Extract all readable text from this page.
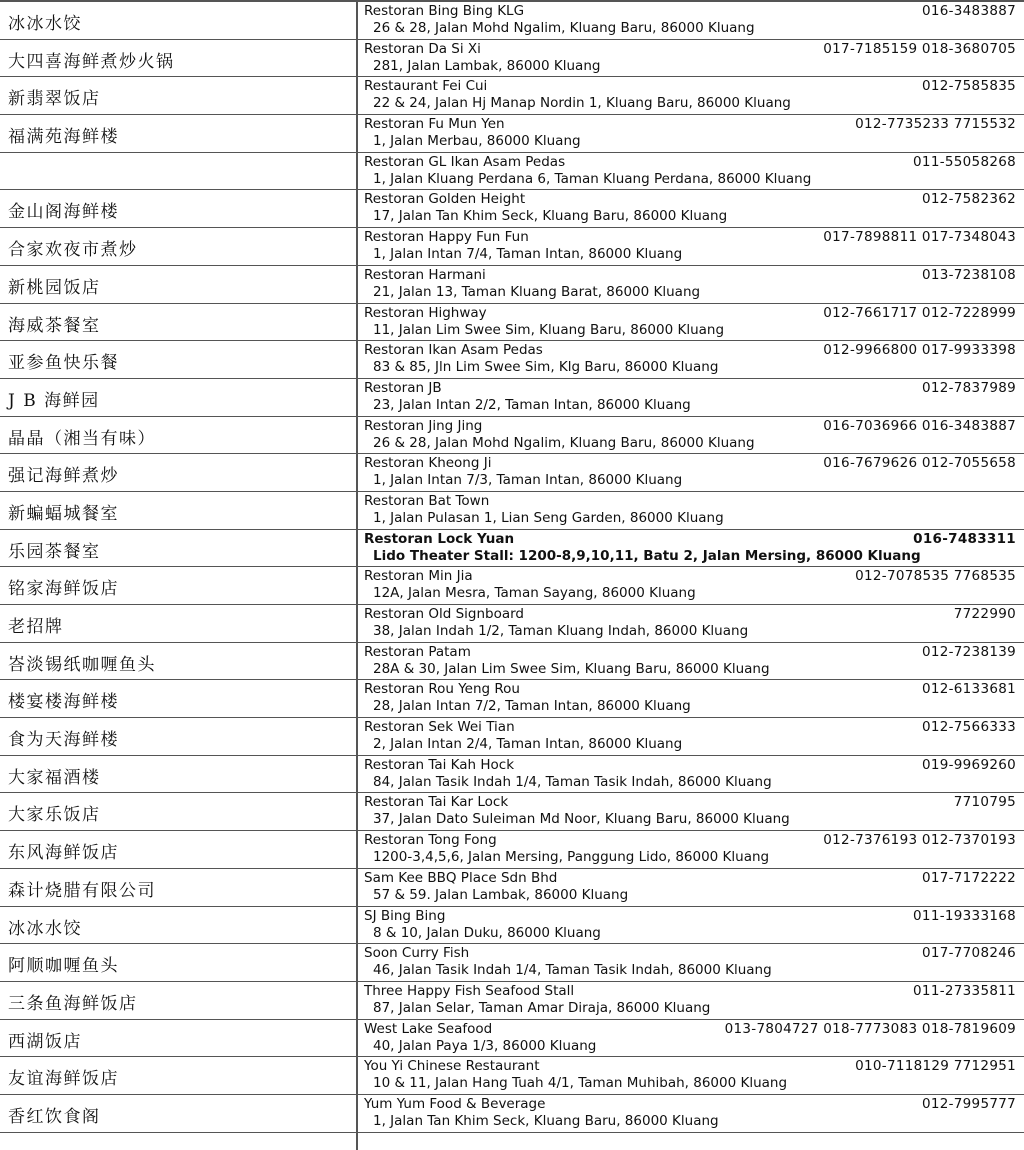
冰冰水饺
Restoran Bing Bing KLG
26 & 28, Jalan Mohd Ngalim, Kluang Baru, 86000 Kluang
016-3483887
大四喜海鲜煮炒火锅
Restoran Da Si Xi
281, Jalan Lambak, 86000 Kluang
017-7185159 018-3680705
新翡翠饭店
Restaurant Fei Cui
22 & 24, Jalan Hj Manap Nordin 1, Kluang Baru, 86000 Kluang
012-7585835
福满苑海鲜楼
Restoran Fu Mun Yen
1, Jalan Merbau, 86000 Kluang
012-7735233 7715532
Restoran GL Ikan Asam Pedas
1, Jalan Kluang Perdana 6, Taman Kluang Perdana, 86000 Kluang
011-55058268
金山阁海鲜楼
Restoran Golden Height
17, Jalan Tan Khim Seck, Kluang Baru, 86000 Kluang
012-7582362
合家欢夜市煮炒
Restoran Happy Fun Fun
1, Jalan Intan 7/4, Taman Intan, 86000 Kluang
017-7898811 017-7348043
新桃园饭店
Restoran Harmani
21, Jalan 13, Taman Kluang Barat, 86000 Kluang
013-7238108
海威茶餐室
Restoran Highway
11, Jalan Lim Swee Sim, Kluang Baru, 86000 Kluang
012-7661717 012-7228999
亚参鱼快乐餐
Restoran Ikan Asam Pedas
83 & 85, Jln Lim Swee Sim, Klg Baru, 86000 Kluang
012-9966800 017-9933398
J B 海鲜园
Restoran JB
23, Jalan Intan 2/2, Taman Intan, 86000 Kluang
012-7837989
晶晶（湘当有味）
Restoran Jing Jing
26 & 28, Jalan Mohd Ngalim, Kluang Baru, 86000 Kluang
016-7036966 016-3483887
强记海鲜煮炒
Restoran Kheong Ji
1, Jalan Intan 7/3, Taman Intan, 86000 Kluang
016-7679626 012-7055658
新蝙蝠城餐室
Restoran Bat Town
1, Jalan Pulasan 1, Lian Seng Garden, 86000 Kluang
乐园茶餐室
Restoran Lock Yuan
Lido Theater Stall: 1200-8,9,10,11, Batu 2, Jalan Mersing, 86000 Kluang
016-7483311
铭家海鲜饭店
Restoran Min Jia
12A, Jalan Mesra, Taman Sayang, 86000 Kluang
012-7078535 7768535
老招牌
Restoran Old Signboard
38, Jalan Indah 1/2, Taman Kluang Indah, 86000 Kluang
7722990
峇淡锡纸咖喱鱼头
Restoran Patam
28A & 30, Jalan Lim Swee Sim, Kluang Baru, 86000 Kluang
012-7238139
楼宴楼海鲜楼
Restoran Rou Yeng Rou
28, Jalan Intan 7/2, Taman Intan, 86000 Kluang
012-6133681
食为天海鲜楼
Restoran Sek Wei Tian
2, Jalan Intan 2/4, Taman Intan, 86000 Kluang
012-7566333
大家福酒楼
Restoran Tai Kah Hock
84, Jalan Tasik Indah 1/4, Taman Tasik Indah, 86000 Kluang
019-9969260
大家乐饭店
Restoran Tai Kar Lock
37, Jalan Dato Suleiman Md Noor, Kluang Baru, 86000 Kluang
7710795
东风海鲜饭店
Restoran Tong Fong
1200-3,4,5,6, Jalan Mersing, Panggung Lido, 86000 Kluang
012-7376193 012-7370193
森计烧腊有限公司
Sam Kee BBQ Place Sdn Bhd
57 & 59. Jalan Lambak, 86000 Kluang
017-7172222
冰冰水饺
SJ Bing Bing
8 & 10, Jalan Duku, 86000 Kluang
011-19333168
阿顺咖喱鱼头
Soon Curry Fish
46, Jalan Tasik Indah 1/4, Taman Tasik Indah, 86000 Kluang
017-7708246
三条鱼海鲜饭店
Three Happy Fish Seafood Stall
87, Jalan Selar, Taman Amar Diraja, 86000 Kluang
011-27335811
西湖饭店
West Lake Seafood
40, Jalan Paya 1/3, 86000 Kluang
013-7804727 018-7773083 018-7819609
友谊海鲜饭店
You Yi Chinese Restaurant
10 & 11, Jalan Hang Tuah 4/1, Taman Muhibah, 86000 Kluang
010-7118129 7712951
香红饮食阁
Yum Yum Food & Beverage
1, Jalan Tan Khim Seck, Kluang Baru, 86000 Kluang
012-7995777
